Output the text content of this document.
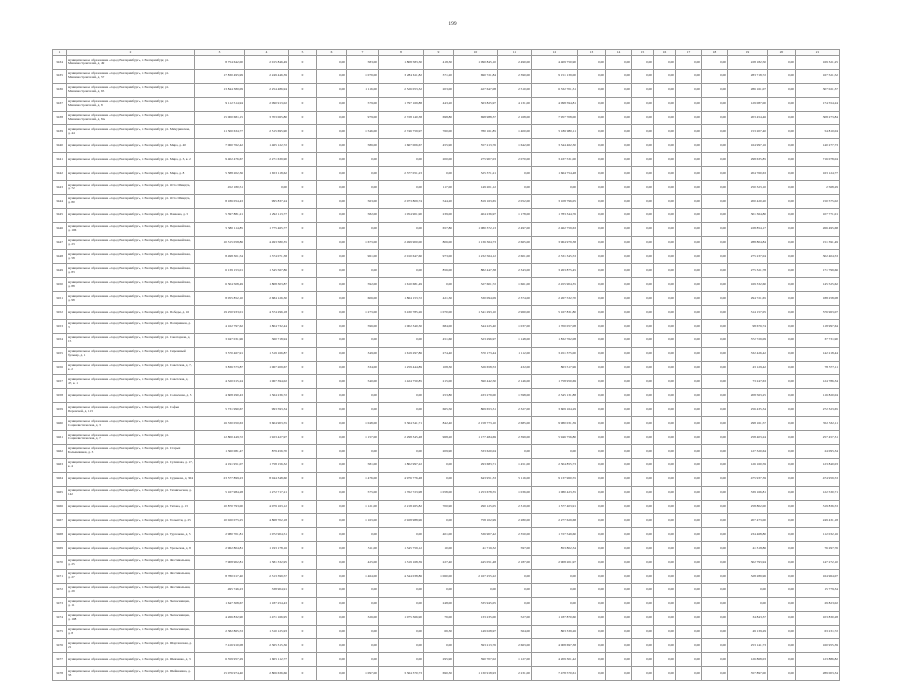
199
1	2	3	4	5	6	7	8	9	10	11	12	13	14	15	16	17	18	19	20	21
3434	муниципальное образование «город Екатеринбург», г. Екатеринбург, ул. Машиностроителей, д. 49	8 754 642,00	2 015 846,49	0	0,00	583,00	1 808 583,30	418,30	1 090 845,10	2 490,00	4 409 750,90	0,00	0,00	0,00	0,00	0,00	0,00	228 182,50	0,00	169 321,25
3435	муниципальное образование «город Екатеринбург», г. Екатеринбург, ул. Машиностроителей, д. 57	17 830 495,99	2 249 446,39	0	0,00	1 079,00	3 284 611,82	371,20	690 721,84	2 390,00	9 151 139,00	0,00	0,00	0,00	0,00	0,00	0,00	283 718,72	0,00	167 521,52
3436	муниципальное образование «город Екатеринбург», г. Екатеринбург, ул. Машиностроителей, д. 65	13 844 380,09	2 254 486,94	0	0,00	1 116,00	2 526 053,32	203,00	427 647,08	2 510,00	6 332 701,31	0,00	0,00	0,00	0,00	0,00	0,00	286 161,07	0,00	307 021,37
3437	муниципальное образование «город Екатеринбург», г. Екатеринбург, ул. Машиностроителей, д. 8	9 112 514,94	2 090 913,02	0	0,00	579,00	1 797 169,88	443,20	563 825,97	4 131,00	4 098 594,81	0,00	0,00	0,00	0,00	0,00	0,00	129 087,00	0,00	174 554,24
3438	муниципальное образование «город Екатеринбург», г. Екатеринбург, ул. Машиностроителей, д. 8А	15 000 681,15	3 703 065,80	0	0,00	979,00	2 728 140,38	698,80	698 988,37	2 168,00	7 957 708,00	0,00	0,00	0,00	0,00	0,00	0,00	203 454,46	0,00	308 273,84
3439	муниципальное образование «город Екатеринбург», г. Екатеринбург, ул. Мичуринская, д. 44	11 500 634,77	2 515 695,90	0	0,00	1 546,00	2 746 759,97	760,00	780 161,85	1 400,00	5 186 980,11	0,00	0,00	0,00	0,00	0,00	0,00	153 207,40	0,00	54 810,04
3440	муниципальное образование «город Екатеринбург», г. Екатеринбург, ул. Мира, д. 40	7 060 762,42	1 465 122,72	0	0,00	586,00	1 667 006,67	455,90	557 213,76	1 642,00	3 344 462,30	0,00	0,00	0,00	0,00	0,00	0,00	164 997,16	0,00	140 277,73
3441	муниципальное образование «город Екатеринбург», г. Екатеринбург, ул. Мира, д. 3, к. 2	9 402 476,67	2 271 639,90	0	0,00	0,00	0,00	200,00	275 907,03	2 070,00	3 437 531,00	0,00	0,00	0,00	0,00	0,00	0,00	298 635,85	0,00	716 078,04
3442	муниципальное образование «город Екатеринбург», г. Екатеринбург, ул. Мира, д. 8	5 588 202,36	1 653 118,62	0	0,00	0,00	2 377 051,23	0,00	525 371,21	0,00	1 664 754,48	0,00	0,00	0,00	0,00	0,00	0,00	204 760,63	0,00	163 124,77
3443	муниципальное образование «город Екатеринбург», г. Екатеринбург, ул. Отто Шмидта, д. 72	452 180,51	0,00	0	0,00	0,00	0,00	117,00	149 201,12	0,00	0,00	0,00	0,00	0,00	0,00	0,00	0,00	250 323,10	0,00	2 568,29
3444	муниципальное образование «город Екатеринбург», г. Екатеринбург, ул. Отто Шмидта, д. 80	8 186 054,43	995 837,24	0	0,00	563,00	2 073 809,74	544,20	819 163,65	2 052,00	3 108 796,05	0,00	0,00	0,00	0,00	0,00	0,00	200 420,20	0,00	150 575,02
3445	муниципальное образование «город Екатеринбург», г. Екатеринбург, ул. Панкова, д. 5	5 397 881,21	1 292 113,77	0	0,00	582,00	1 054 901,90	239,00	404 236,97	1 178,00	1 783 344,76	0,00	0,00	0,00	0,00	0,00	0,00	301 364,80	0,00	107 771,01
3446	муниципальное образование «город Екатеринбург», г. Екатеринбург, ул. Первомайская, д. 106	5 580 114,85	1 775 465,77	0	0,00	0,00	0,00	657,80	1 080 372,13	2 497,00	2 462 759,63	0,00	0,00	0,00	0,00	0,00	0,00	228 854,17	0,00	266 495,68
3447	муниципальное образование «город Екатеринбург», г. Екатеринбург, ул. Первомайская, д. 23	10 315 058,86	4 493 580,35	0	0,00	1 673,00	2 499 900,00	806,00	1 136 364,73	2 665,00	3 964 979,38	0,00	0,00	0,00	0,00	0,00	0,00	288 804,84	0,00	151 391,49
3448	муниципальное образование «город Екатеринбург», г. Екатеринбург, ул. Первомайская, д. 58	8 498 301,54	1 374 071,38	0	0,00	961,00	2 010 647,60	973,00	1 232 564,12	2 601,00	2 331 345,53	0,00	0,00	0,00	0,00	0,00	0,00	275 237,04	0,00	302 404,53
3449	муниципальное образование «город Екатеринбург», г. Екатеринбург, ул. Первомайская, д. 83	6 139 153,01	1 545 567,86	0	0,00	0,00	0,00	856,00	882 447,38	2 343,00	3 263 875,45	0,00	0,00	0,00	0,00	0,00	0,00	275 321,78	0,00	171 799,66
3450	муниципальное образование «город Екатеринбург», г. Екатеринбург, ул. Первомайская, д. 88	6 504 508,49	1 808 303,87	0	0,00	592,00	1 610 681,49	0,00	327 601,72	1 661,00	2 455 904,35	0,00	0,00	0,00	0,00	0,00	0,00	169 332,60	0,00	145 525,62
3451	муниципальное образование «город Екатеринбург», г. Екатеринбург, ул. Первомайская, д. 98	8 055 852,10	2 684 126,30	0	0,00	606,00	1 864 153,72	421,30	530 094,09	2 374,00	2 267 532,70	0,00	0,00	0,00	0,00	0,00	0,00	294 721,65	0,00	188 258,08
3452	муниципальное образование «город Екатеринбург», г. Екатеринбург, ул. Победы, д. 16	19 250 933,01	4 574 296,18	0	0,00	1 273,00	3 430 785,26	1 070,00	1 541 293,10	2 960,00	5 167 831,80	0,00	0,00	0,00	0,00	0,00	0,00	314 157,05	0,00	576 963,07
3453	муниципальное образование «город Екатеринбург», г. Екатеринбург, ул. Полярников, д. 3	4 162 797,62	1 804 732,44	0	0,00	596,00	1 002 340,30	684,00	544 225,40	1 037,00	1 700 057,08	0,00	0,00	0,00	0,00	0,00	0,00	98 676,74	0,00	118 997,64
3454	муниципальное образование «город Екатеринбург», г. Екатеринбург, ул. Санаторная, д. 15	3 047 031,96	360 718,94	0	0,00	0,00	0,00	451,60	523 296,97	1 148,00	1 832 762,08	0,00	0,00	0,00	0,00	0,00	0,00	372 729,09	0,00	37 731,90
3455	муниципальное образование «город Екатеринбург», г. Екатеринбург, ул. Сиреневый бульвар, д. 1	3 570 467,91	1 519 166,87	0	0,00	349,00	1 619 297,86	274,40	570 173,44	1 112,00	3 451 375,00	0,00	0,00	0,00	0,00	0,00	0,00	332 426,42	0,00	142 218,44
3456	муниципальное образование «город Екатеринбург», г. Екатеринбург, ул. Советская, д. 7, к. 2	3 836 573,87	1 067 209,67	0	0,00	334,00	1 259 444,89	108,30	526 658,53	432,00	863 517,96	0,00	0,00	0,00	0,00	0,00	0,00	43 129,42	0,00	78 377,11
3457	муниципальное образование «город Екатеринбург», г. Екатеринбург, ул. Советская, д. 47, к. 1	4 320 015,24	1 067 394,02	0	0,00	540,00	1 424 750,85	215,00	590 442,50	2 146,00	1 758 950,69	0,00	0,00	0,00	0,00	0,00	0,00	73 247,63	0,00	124 786,34
3458	муниципальное образование «город Екатеринбург», г. Екатеринбург, ул. Солнечная, д. 5	4 608 290,43	1 564 236,72	0	0,00	0,00	0,00	253,80	433 279,00	1 598,00	2 345 131,88	0,00	0,00	0,00	0,00	0,00	0,00	208 563,25	0,00	116 820,04
3459	муниципальное образование «город Екатеринбург», г. Екатеринбург, ул. Софьи Перовской, д. 113	5 731 990,67	993 593,34	0	0,00	0,00	0,00	665,50	869 653,31	2 327,00	3 609 164,29	0,00	0,00	0,00	0,00	0,00	0,00	256 435,34	0,00	272 323,65
3460	муниципальное образование «город Екатеринбург», г. Екатеринбург, ул. Социалистическая, д. 3	16 330 050,63	3 604 903,55	0	0,00	1 048,00	3 364 541,71	842,40	2 158 773,10	2 685,00	9 980 031,39	0,00	0,00	0,00	0,00	0,00	0,00	298 161,57	0,00	352 332,11
3461	муниципальное образование «город Екатеринбург», г. Екатеринбург, ул. Социалистическая, д. 7	12 800 449,72	1 923 427,97	0	0,00	1 157,00	2 298 345,48	968,20	1 177 484,69	2 399,00	5 946 756,80	0,00	0,00	0,00	0,00	0,00	0,00	258 403,24	0,00	257 457,31
3462	муниципальное образование «город Екатеринбург», г. Екатеринбург, ул. Старых Большевиков, д. 3	1 360 081,47	879 456,70	0	0,00	0,00	0,00	209,90	333 620,04	0,00	0,00	0,00	0,00	0,00	0,00	0,00	0,00	127 320,64	0,00	24 095,34
3463	муниципальное образование «город Екатеринбург», г. Екатеринбург, ул. Сулимова, д. 17, к. 4	4 191 951,07	1 758 156,32	0	0,00	581,00	1 802 997,22	0,00	293 683,71	1 451,00	2 304 855,73	0,00	0,00	0,00	0,00	0,00	0,00	126 160,59	0,00	123 840,03
3464	муниципальное образование «город Екатеринбург», г. Екатеринбург, ул. Сурикова, д. 304	23 577 899,23	8 044 348,60	0	0,00	1 476,00	4 976 776,48	0,00	643 951,33	5 116,00	9 137 960,55	0,00	0,00	0,00	0,00	0,00	0,00	475 937,39	0,00	474 959,53
3465	муниципальное образование «город Екатеринбург», г. Екатеринбург, ул. Техническая, д. 142	5 167 984,28	1 272 717,21	0	0,00	575,00	1 762 723,98	1 058,00	1 253 678,55	1 036,00	1 080 423,35	0,00	0,00	0,00	0,00	0,00	0,00	339 166,81	0,00	122 530,71
3466	муниципальное образование «город Екатеринбург», г. Екатеринбург, ул. Титова, д. 13	10 870 793,00	4 079 163,12	0	0,00	1 121,00	2 218 265,82	700,90	290 125,05	2 319,00	1 577 403,91	0,00	0,00	0,00	0,00	0,00	0,00	258 802,00	0,00	319 836,53
3467	муниципальное образование «город Екатеринбург», г. Екатеринбург, ул. Тольятти, д. 25	10 020 075,25	4 868 702,18	0	0,00	1 163,00	2 928 988,96	0,00	758 102,99	2 280,00	2 277 629,68	0,00	0,00	0,00	0,00	0,00	0,00	207 473,00	0,00	249 431,18
3468	муниципальное образование «город Екатеринбург», г. Екатеринбург, ул. Тургенева, д. 5	2 980 701,81	1 072 904,51	0	0,00	0,00	0,00	401,00	536 907,42	2 350,00	1 727 549,60	0,00	0,00	0,00	0,00	0,00	0,00	234 468,80	0,00	112 032,16
3469	муниципальное образование «город Екатеринбург», г. Екатеринбург, ул. Уральская, д. 8	2 962 804,81	1 193 178,16	0	0,00	311,00	1 345 759,12	10,00	41 716,32	597,00	853 802,34	0,00	0,00	0,00	0,00	0,00	0,00	41 318,86	0,00	76 297,76
3470	муниципальное образование «город Екатеринбург», г. Екатеринбург, ул. Фестивальная, д. 25	7 908 902,81	1 581 332,95	0	0,00	425,00	1 319 168,39	227,40	445 051,48	2 187,00	2 908 201,97	0,00	0,00	0,00	0,00	0,00	0,00	302 793,94	0,00	147 272,10
3471	муниципальное образование «город Екатеринбург», г. Екатеринбург, ул. Фестивальная, д. 27	8 780 017,40	2 313 399,57	0	0,00	1 464,00	4 344 038,86	1 060,00	2 167 255,22	0,00	0,00	0,00	0,00	0,00	0,00	0,00	0,00	328 289,96	0,00	164 964,07
3472	муниципальное образование «город Екатеринбург», г. Екатеринбург, ул. Фестивальная, д. 29	495 746,23	338 904,91	0	0,00	0,00	0,00	0,00	0,00	0,00	0,00	0,00	0,00	0,00	0,00	0,00	0,00	0,00	0,00	15 779,34
3473	муниципальное образование «город Екатеринбург», г. Екатеринбург, ул. Челюскинцев, д. 11	1 647 308,67	1 187 254,43	0	0,00	0,00	0,00	248,00	335 945,05	0,00	0,00	0,00	0,00	0,00	0,00	0,00	0,00	0,00	0,00	29 823,02
3474	муниципальное образование «город Екатеринбург», г. Екатеринбург, ул. Челюскинцев, д. 108	4 266 832,90	1 471 166,95	0	0,00	326,00	1 075 366,90	79,00	133 235,00	527,00	1 187 870,60	0,00	0,00	0,00	0,00	0,00	0,00	34 843,37	0,00	103 830,28
3475	муниципальное образование «город Екатеринбург», г. Екатеринбург, ул. Челюскинцев, д. 8	2 382 865,53	1 310 125,93	0	0,00	0,00	0,00	69,30	149 028,97	564,00	863 339,26	0,00	0,00	0,00	0,00	0,00	0,00	49 139,29	0,00	63 231,72
3476	муниципальное образование «город Екатеринбург», г. Екатеринбург, ул. Шарташская, д. 21	7 416 910,08	2 365 315,36	0	0,00	0,00	0,00	0,00	593 213,76	2 663,00	4 008 697,38	0,00	0,00	0,00	0,00	0,00	0,00	253 141,73	0,00	160 955,39
3477	муниципальное образование «город Екатеринбург», г. Екатеринбург, ул. Шевченко, д. 3	6 359 957,29	1 605 112,77	0	0,00	0,00	0,00	295,90	590 707,02	1 127,00	4 209 301,42	0,00	0,00	0,00	0,00	0,00	0,00	126 868,03	0,00	123 886,82
3478	муниципальное образование «город Екатеринбург», г. Екатеринбург, ул. Шейнкмана, д. 33	15 076 974,40	2 806 636,66	0	0,00	1 097,00	3 364 370,73	690,30	1 130 918,93	2 231,00	7 478 570,61	0,00	0,00	0,00	0,00	0,00	0,00	357 897,00	0,00	289 003,34
